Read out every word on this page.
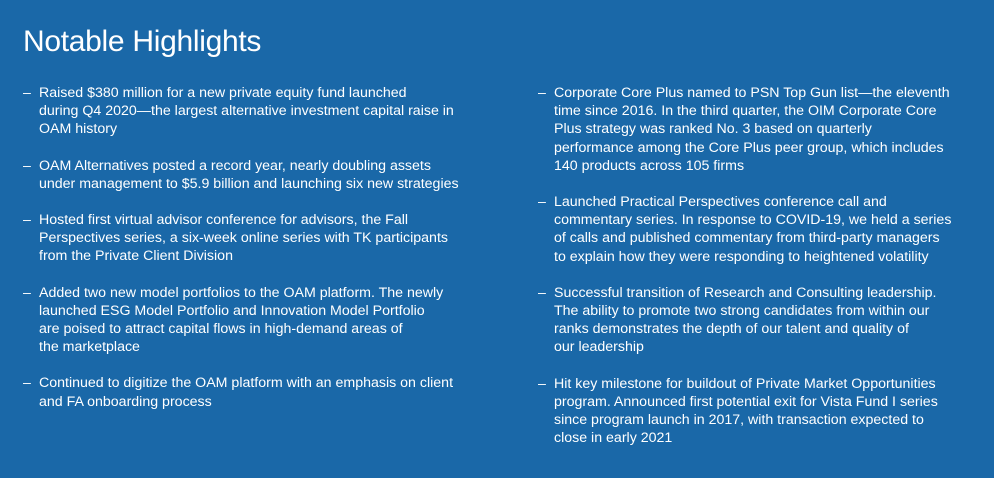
Notable Highlights
– Raised $380 million for a new private equity fund launched
during Q4 2020—the largest alternative investment capital raise in
OAM history
– OAM Alternatives posted a record year, nearly doubling assets
under management to $5.9 billion and launching six new strategies
– Hosted first virtual advisor conference for advisors, the Fall
Perspectives series, a six-week online series with TK participants
from the Private Client Division
– Added two new model portfolios to the OAM platform. The newly
launched ESG Model Portfolio and Innovation Model Portfolio
are poised to attract capital flows in high-demand areas of
the marketplace
– Continued to digitize the OAM platform with an emphasis on client
and FA onboarding process
– Corporate Core Plus named to PSN Top Gun list—the eleventh
time since 2016. In the third quarter, the OIM Corporate Core
Plus strategy was ranked No. 3 based on quarterly
performance among the Core Plus peer group, which includes
140 products across 105 firms
– Launched Practical Perspectives conference call and
commentary series. In response to COVID-19, we held a series
of calls and published commentary from third-party managers
to explain how they were responding to heightened volatility
– Successful transition of Research and Consulting leadership.
The ability to promote two strong candidates from within our
ranks demonstrates the depth of our talent and quality of
our leadership
– Hit key milestone for buildout of Private Market Opportunities
program. Announced first potential exit for Vista Fund I series
since program launch in 2017, with transaction expected to
close in early 2021
